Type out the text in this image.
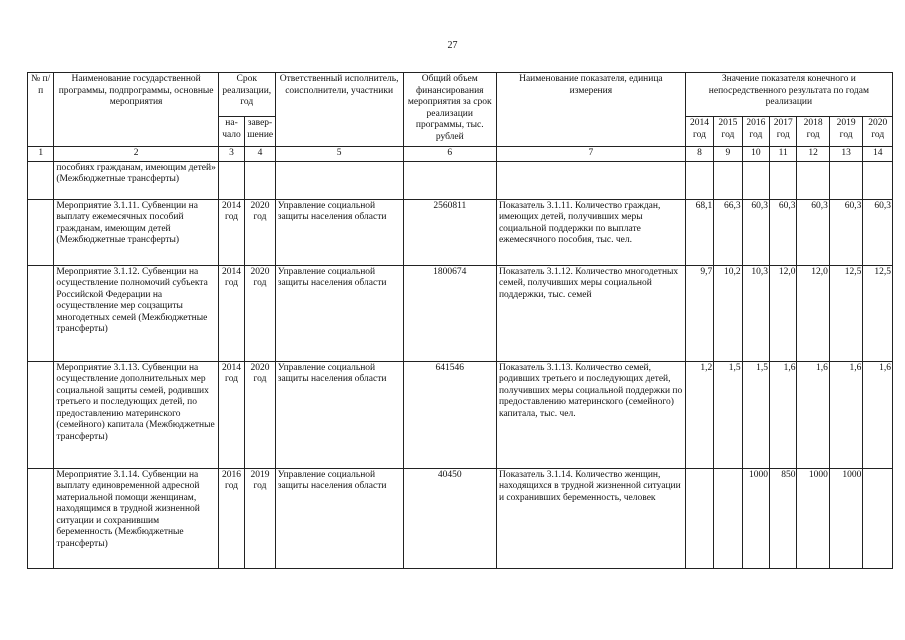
27
№ п/п	Наименование государственной программы, подпрограммы, основные мероприятия	Срок реализации, год		Ответственный исполнитель, соисполнители, участники	Общий объем финансирования мероприятия за срок реализации программы, тыс. рублей	Наименование показателя, единица измерения	Значение показателя конечного и непосредственного результата по годам реализации						
		на-чало	завер-шение				2014 год	2015 год	2016 год	2017 год	2018 год	2019 год	2020 год
1	2	3	4	5	6	7	8	9	10	11	12	13	14
	пособиях гражданам, имеющим детей» (Межбюджетные трансферты)												
	Мероприятие 3.1.11. Субвенции на выплату ежемесячных пособий гражданам, имеющим детей (Межбюджетные трансферты)	2014 год	2020 год	Управление социальной защиты населения области	2560811	Показатель 3.1.11. Количество граждан, имеющих детей, получивших меры социальной поддержки по выплате ежемесячного пособия, тыс. чел.	68,1	66,3	60,3	60,3	60,3	60,3	60,3
	Мероприятие 3.1.12. Субвенции на осуществление полномочий субъекта Российской Федерации на осуществление мер соцзащиты многодетных семей (Межбюджетные трансферты)	2014 год	2020 год	Управление социальной защиты населения области	1800674	Показатель 3.1.12. Количество многодетных семей, получивших меры социальной поддержки, тыс. семей	9,7	10,2	10,3	12,0	12,0	12,5	12,5
	Мероприятие 3.1.13. Субвенции на осуществление дополнительных мер социальной защиты семей, родивших третьего и последующих детей, по предоставлению материнского (семейного) капитала (Межбюджетные трансферты)	2014 год	2020 год	Управление социальной защиты населения области	641546	Показатель 3.1.13. Количество семей, родивших третьего и последующих детей, получивших меры социальной поддержки по предоставлению материнского (семейного) капитала, тыс. чел.	1,2	1,5	1,5	1,6	1,6	1,6	1,6
	Мероприятие 3.1.14. Субвенции на выплату единовременной адресной материальной помощи женщинам, находящимся в трудной жизненной ситуации и сохранившим беременность (Межбюджетные трансферты)	2016 год	2019 год	Управление социальной защиты населения области	40450	Показатель 3.1.14. Количество женщин, находящихся в трудной жизненной ситуации и сохранивших беременность, человек			1000	850	1000	1000	
